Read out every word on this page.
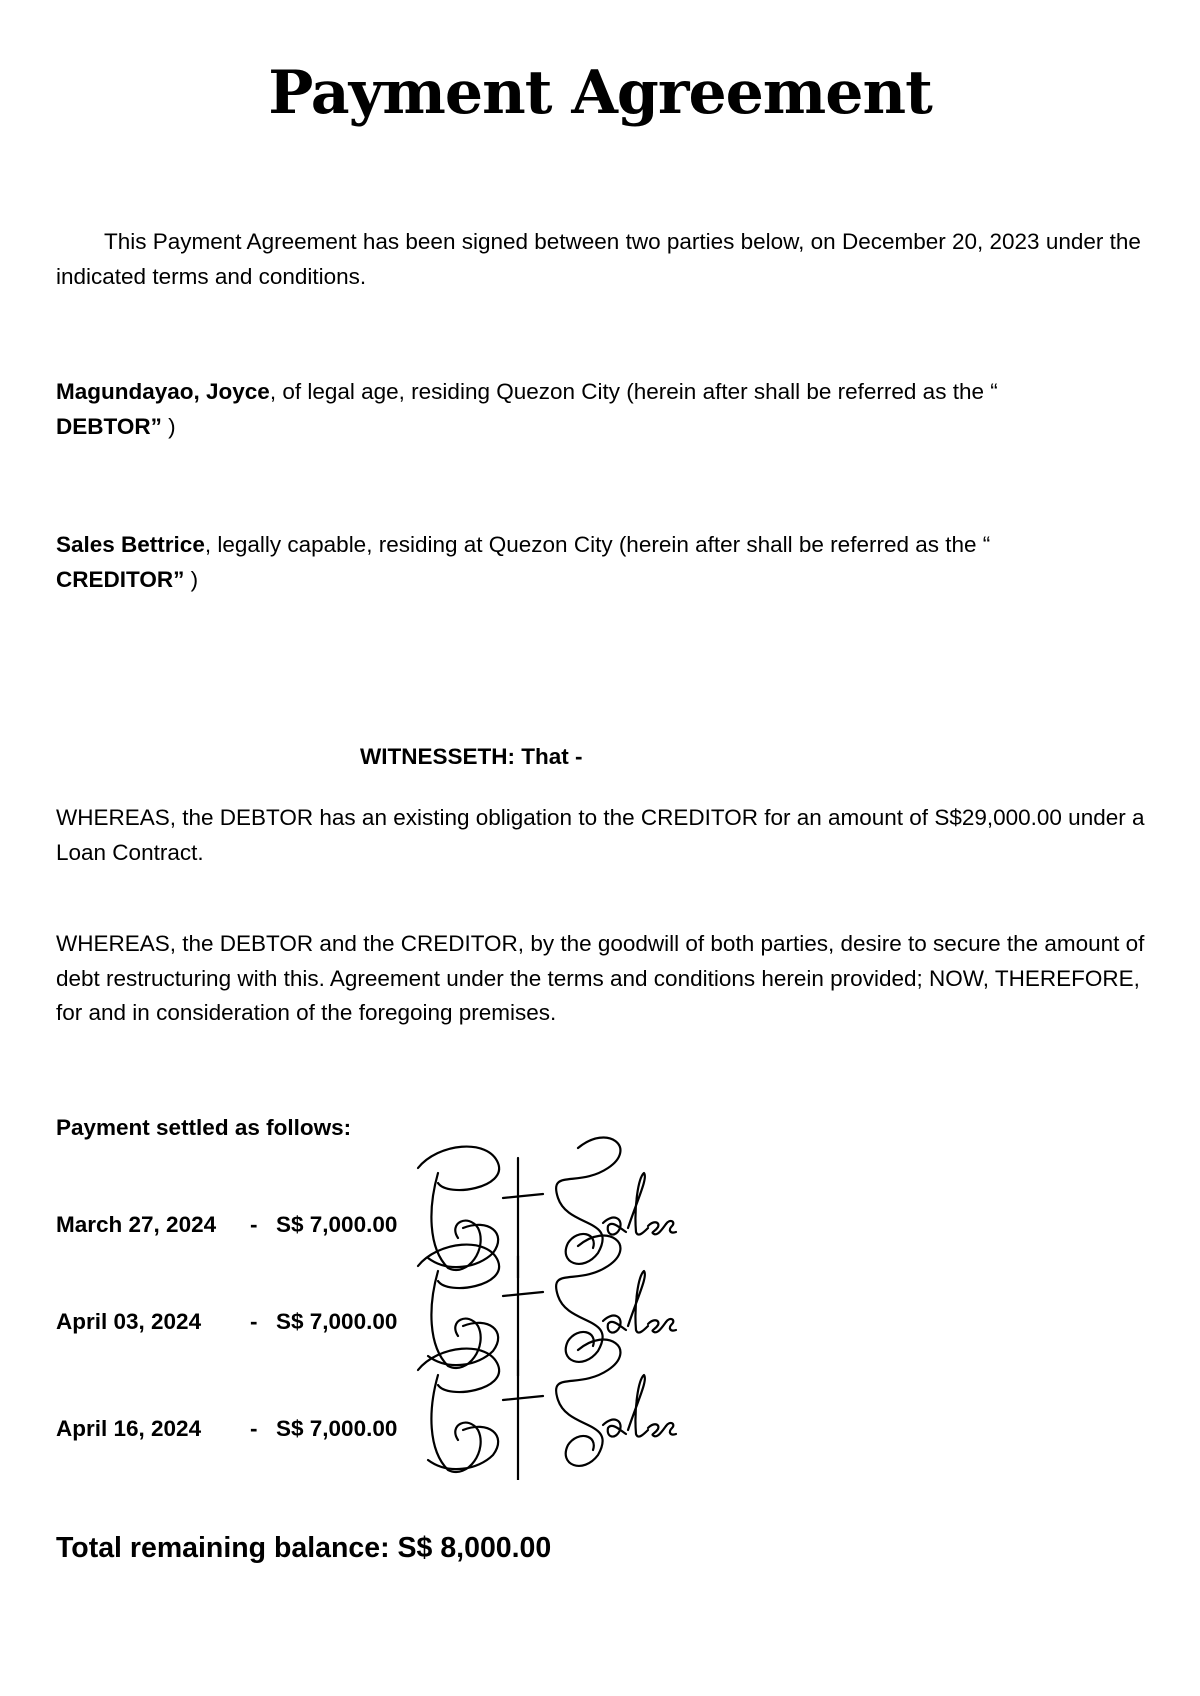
Payment Agreement

This Payment Agreement has been signed between two parties below, on December 20, 2023 under the indicated terms and conditions.

Magundayao, Joyce, of legal age, residing Quezon City (herein after shall be referred as the “
DEBTOR” )

Sales Bettrice, legally capable, residing at Quezon City (herein after shall be referred as the “
CREDITOR” )

WITNESSETH: That -

WHEREAS, the DEBTOR has an existing obligation to the CREDITOR for an amount of S$29,000.00 under a Loan Contract.

WHEREAS, the DEBTOR and the CREDITOR, by the goodwill of both parties, desire to secure the amount of debt restructuring with this. Agreement under the terms and conditions herein provided; NOW, THEREFORE, for and in consideration of the foregoing premises.

Payment settled as follows:

March 27, 2024 - S$ 7,000.00
April 03, 2024 - S$ 7,000.00
April 16, 2024 - S$ 7,000.00

Total remaining balance: S$ 8,000.00
